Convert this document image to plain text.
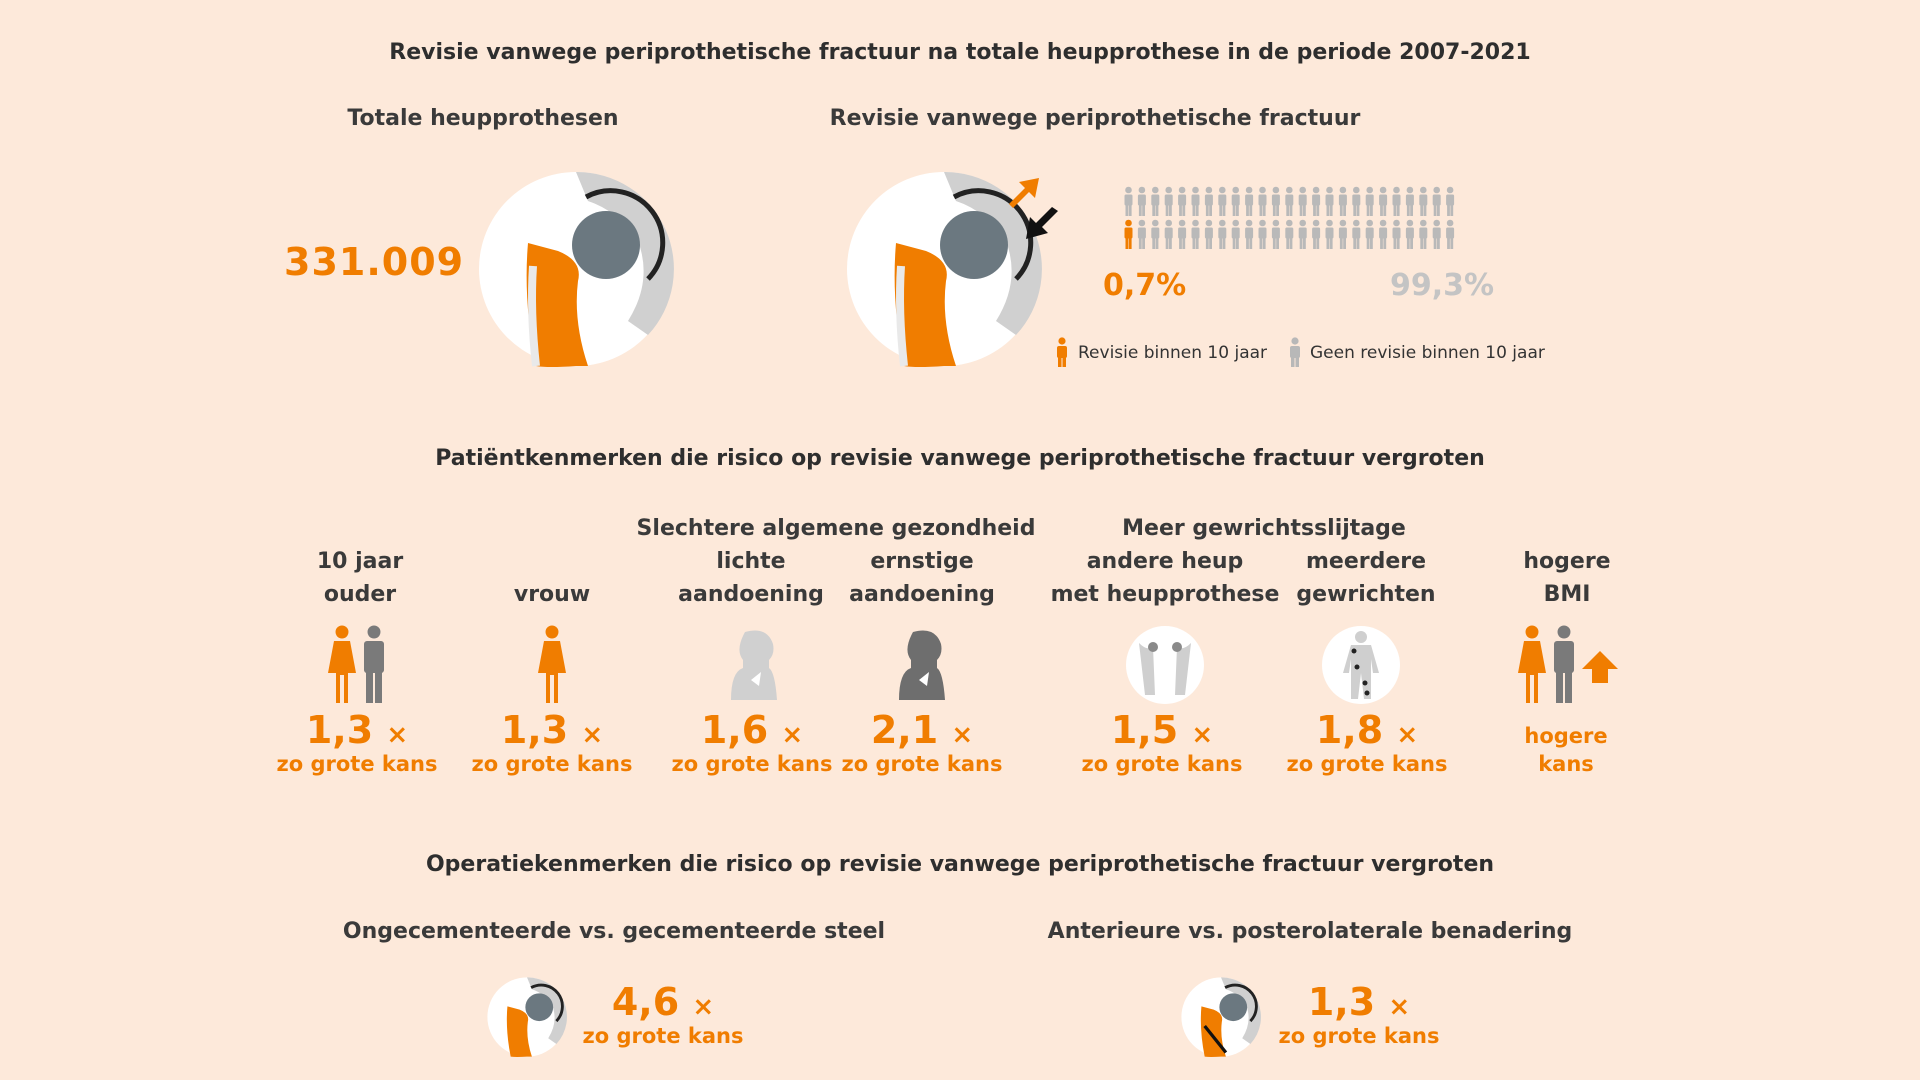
Revisie vanwege periprothetische fractuur na totale heupprothese in de periode 2007-2021
Totale heupprothesen
331.009
Revisie vanwege periprothetische fractuur
0,7%	99,3%
Revisie binnen 10 jaar	Geen revisie binnen 10 jaar
Patiëntkenmerken die risico op revisie vanwege periprothetische fractuur vergroten
Slechtere algemene gezondheid	Meer gewrichtsslijtage
10 jaar
ouder	vrouw
lichte
aandoening
ernstige
aandoening
andere heup
met heupprothese
meerdere
gewrichten
hogere
BMI
1,3 ×
zo grote kans
1,3 ×
zo grote kans
1,6 ×
zo grote kans
2,1 ×
zo grote kans
1,5 ×
zo grote kans
1,8 ×
zo grote kans
hogere
kans
Operatiekenmerken die risico op revisie vanwege periprothetische fractuur vergroten
Ongecementeerde vs. gecementeerde steel	Anterieure vs. posterolaterale benadering
4,6 ×
zo grote kans
1,3 ×
zo grote kans
